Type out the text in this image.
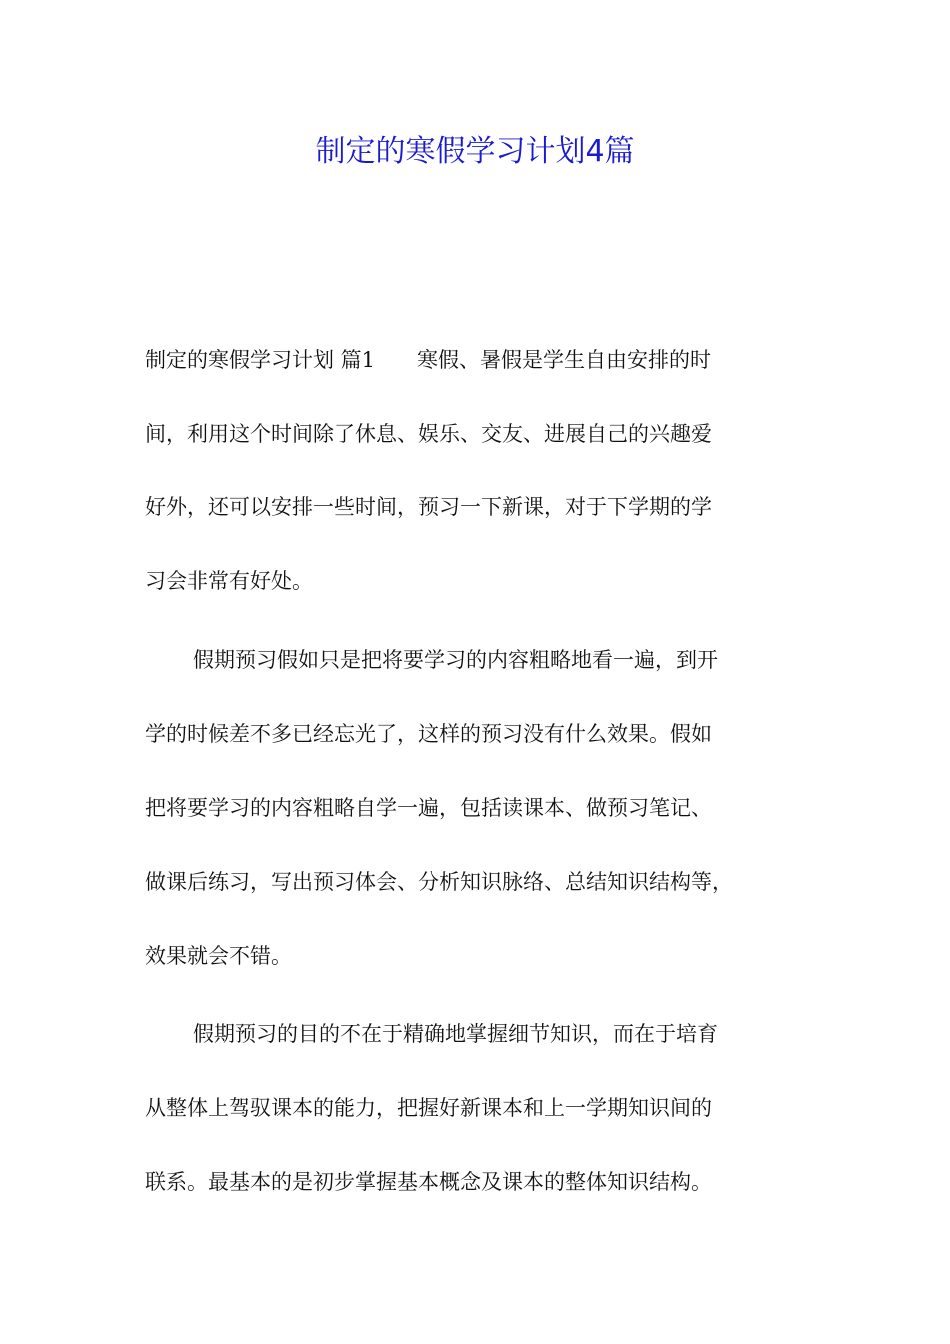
制定的寒假学习计划4篇
制定的寒假学习计划 篇1　　寒假、暑假是学生自由安排的时
间，利用这个时间除了休息、娱乐、交友、进展自己的兴趣爱
好外，还可以安排一些时间，预习一下新课，对于下学期的学
习会非常有好处。
假期预习假如只是把将要学习的内容粗略地看一遍，到开
学的时候差不多已经忘光了，这样的预习没有什么效果。假如
把将要学习的内容粗略自学一遍，包括读课本、做预习笔记、
做课后练习，写出预习体会、分析知识脉络、总结知识结构等，
效果就会不错。
假期预习的目的不在于精确地掌握细节知识，而在于培育
从整体上驾驭课本的能力，把握好新课本和上一学期知识间的
联系。最基本的是初步掌握基本概念及课本的整体知识结构。
